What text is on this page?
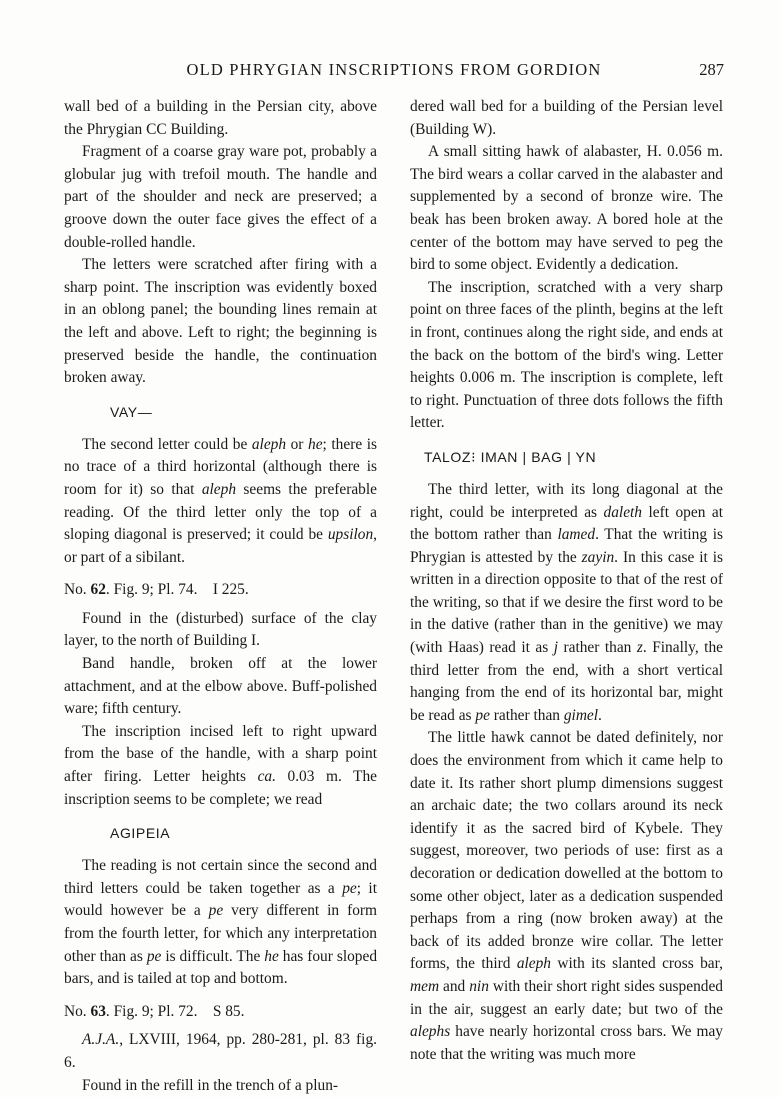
OLD PHRYGIAN INSCRIPTIONS FROM GORDION	287

wall bed of a building in the Persian city, above the Phrygian CC Building.

Fragment of a coarse gray ware pot, probably a globular jug with trefoil mouth. The handle and part of the shoulder and neck are preserved; a groove down the outer face gives the effect of a double-rolled handle.

The letters were scratched after firing with a sharp point. The inscription was evidently boxed in an oblong panel; the bounding lines remain at the left and above. Left to right; the beginning is preserved beside the handle, the continuation broken away.

VAY—

The second letter could be aleph or he; there is no trace of a third horizontal (although there is room for it) so that aleph seems the preferable reading. Of the third letter only the top of a sloping diagonal is preserved; it could be upsilon, or part of a sibilant.

No. 62. Fig. 9; Pl. 74. I 225.

Found in the (disturbed) surface of the clay layer, to the north of Building I.

Band handle, broken off at the lower attachment, and at the elbow above. Buff-polished ware; fifth century.

The inscription incised left to right upward from the base of the handle, with a sharp point after firing. Letter heights ca. 0.03 m. The inscription seems to be complete; we read

AGIPEIA

The reading is not certain since the second and third letters could be taken together as a pe; it would however be a pe very different in form from the fourth letter, for which any interpretation other than as pe is difficult. The he has four sloped bars, and is tailed at top and bottom.

No. 63. Fig. 9; Pl. 72. S 85.

A.J.A., LXVIII, 1964, pp. 280-281, pl. 83 fig. 6.

Found in the refill in the trench of a plun-

dered wall bed for a building of the Persian level (Building W).

A small sitting hawk of alabaster, H. 0.056 m. The bird wears a collar carved in the alabaster and supplemented by a second of bronze wire. The beak has been broken away. A bored hole at the center of the bottom may have served to peg the bird to some object. Evidently a dedication.

The inscription, scratched with a very sharp point on three faces of the plinth, begins at the left in front, continues along the right side, and ends at the back on the bottom of the bird's wing. Letter heights 0.006 m. The inscription is complete, left to right. Punctuation of three dots follows the fifth letter.

TALOZ⁝ IMAN | BAG | YN

The third letter, with its long diagonal at the right, could be interpreted as daleth left open at the bottom rather than lamed. That the writing is Phrygian is attested by the zayin. In this case it is written in a direction opposite to that of the rest of the writing, so that if we desire the first word to be in the dative (rather than in the genitive) we may (with Haas) read it as j rather than z. Finally, the third letter from the end, with a short vertical hanging from the end of its horizontal bar, might be read as pe rather than gimel.

The little hawk cannot be dated definitely, nor does the environment from which it came help to date it. Its rather short plump dimensions suggest an archaic date; the two collars around its neck identify it as the sacred bird of Kybele. They suggest, moreover, two periods of use: first as a decoration or dedication dowelled at the bottom to some other object, later as a dedication suspended perhaps from a ring (now broken away) at the back of its added bronze wire collar. The letter forms, the third aleph with its slanted cross bar, mem and nin with their short right sides suspended in the air, suggest an early date; but two of the alephs have nearly horizontal cross bars. We may note that the writing was much more
